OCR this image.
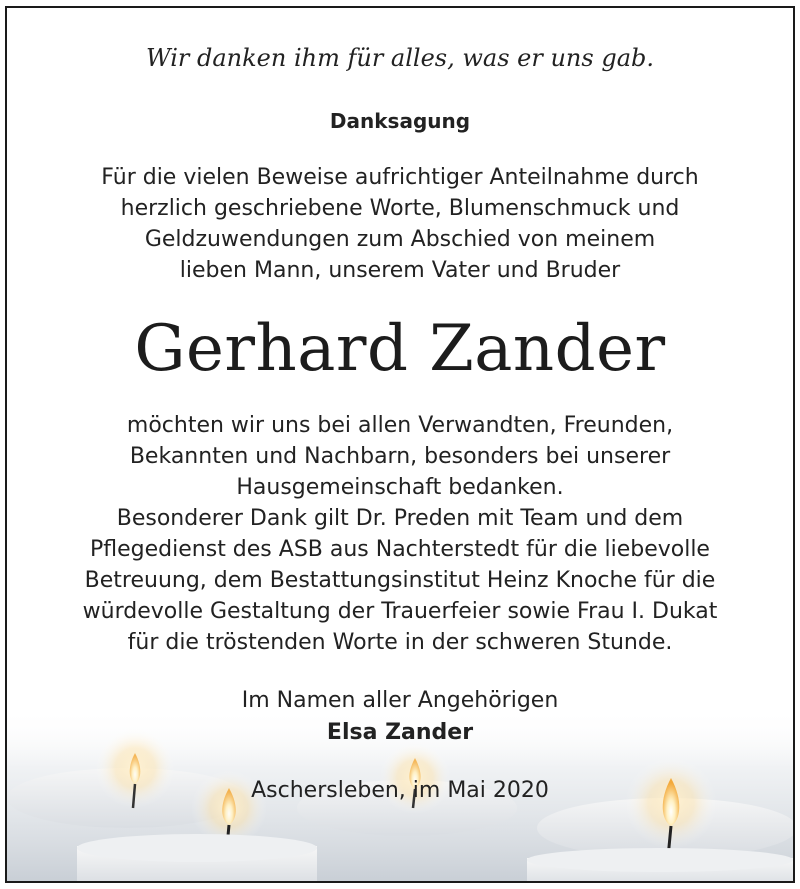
Wir danken ihm für alles, was er uns gab.
Danksagung
Für die vielen Beweise aufrichtiger Anteilnahme durch
herzlich geschriebene Worte, Blumenschmuck und
Geldzuwendungen zum Abschied von meinem
lieben Mann, unserem Vater und Bruder
Gerhard Zander
möchten wir uns bei allen Verwandten, Freunden,
Bekannten und Nachbarn, besonders bei unserer
Hausgemeinschaft bedanken.
Besonderer Dank gilt Dr. Preden mit Team und dem
Pflegedienst des ASB aus Nachterstedt für die liebevolle
Betreuung, dem Bestattungsinstitut Heinz Knoche für die
würdevolle Gestaltung der Trauerfeier sowie Frau I. Dukat
für die tröstenden Worte in der schweren Stunde.
Im Namen aller Angehörigen
Elsa Zander
Aschersleben, im Mai 2020
